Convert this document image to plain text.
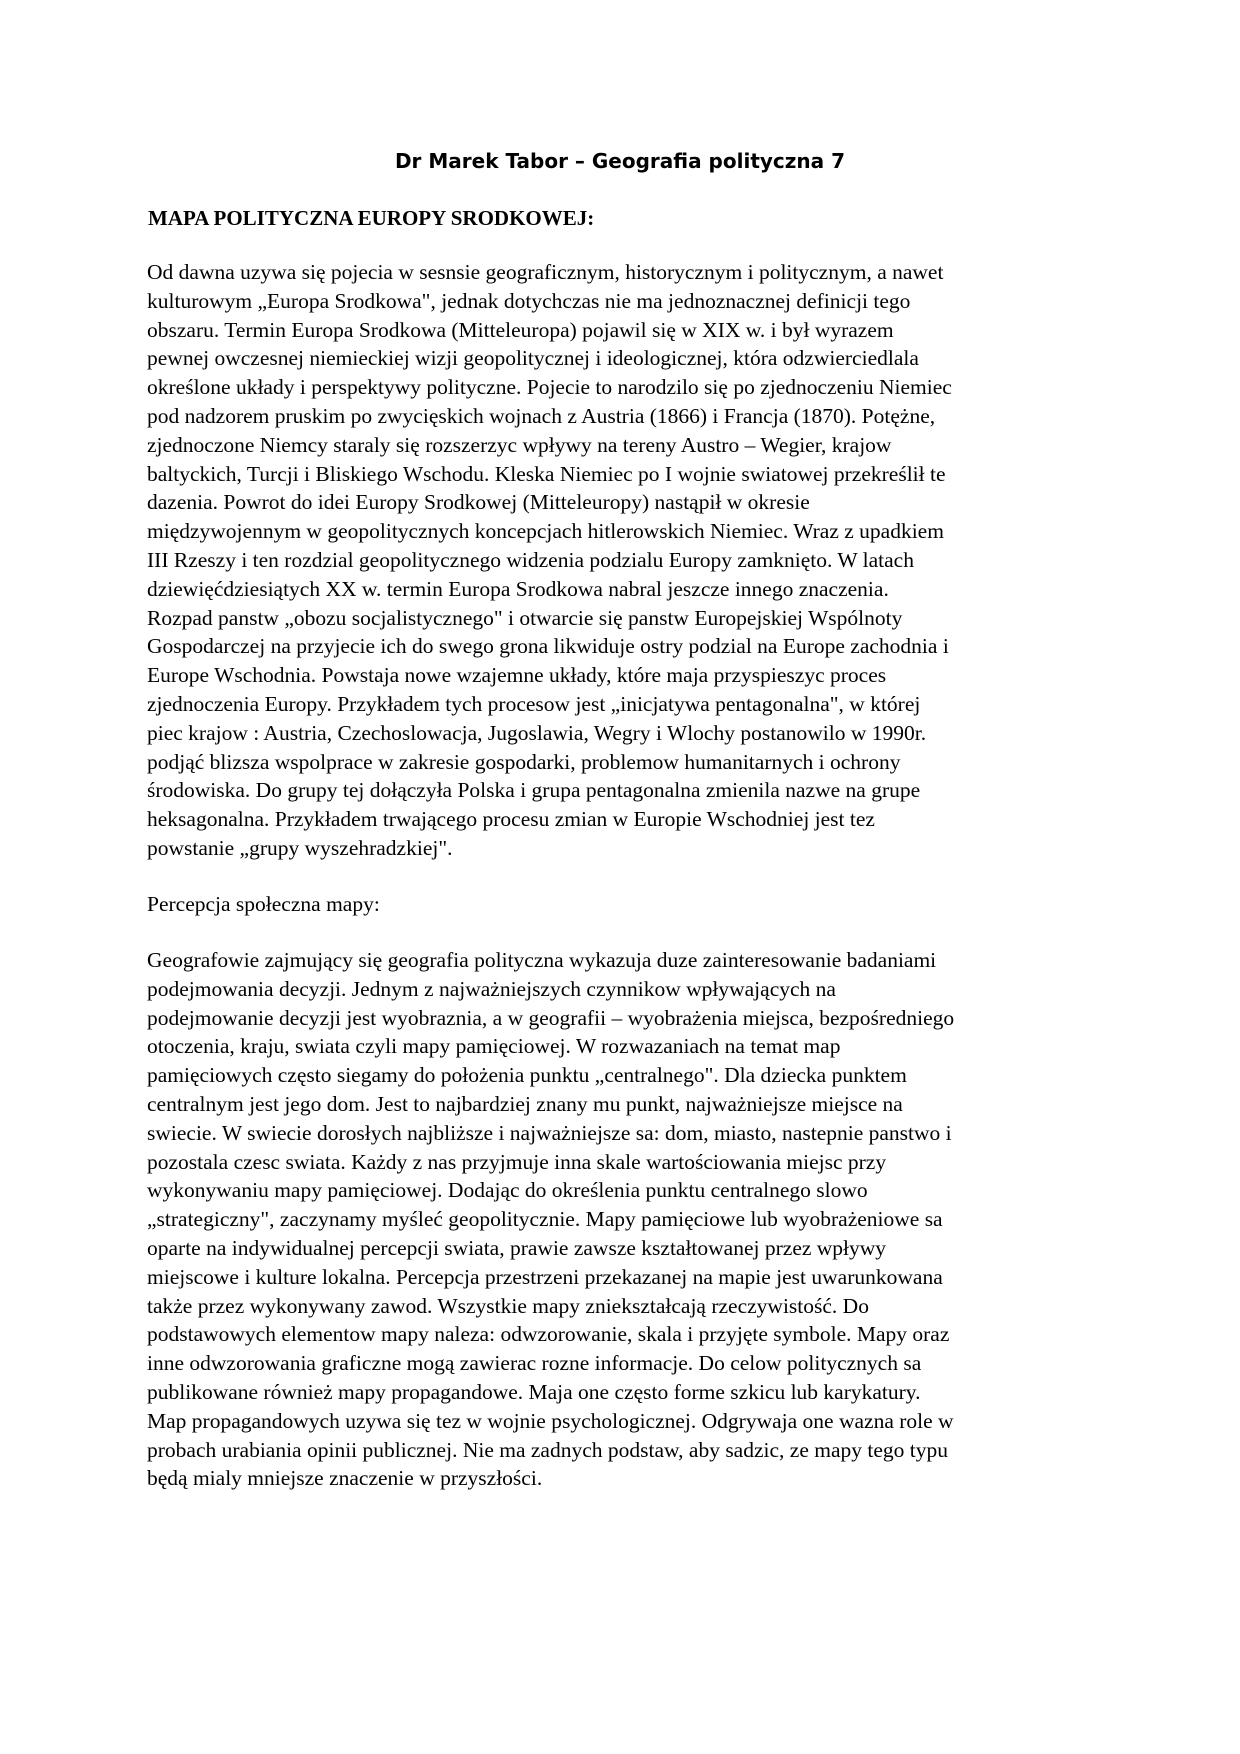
Dr Marek Tabor – Geografia polityczna 7
MAPA POLITYCZNA EUROPY SRODKOWEJ:

Od dawna uzywa się pojecia w sesnsie geograficznym, historycznym i politycznym, a nawet
kulturowym „Europa Srodkowa", jednak dotychczas nie ma jednoznacznej definicji tego
obszaru. Termin Europa Srodkowa (Mitteleuropa) pojawil się w XIX w. i był wyrazem
pewnej owczesnej niemieckiej wizji geopolitycznej i ideologicznej, która odzwierciedlala
określone układy i perspektywy polityczne. Pojecie to narodzilo się po zjednoczeniu Niemiec
pod nadzorem pruskim po zwycięskich wojnach z Austria (1866) i Francja (1870). Potężne,
zjednoczone Niemcy staraly się rozszerzyc wpływy na tereny Austro – Wegier, krajow
baltyckich, Turcji i Bliskiego Wschodu. Kleska Niemiec po I wojnie swiatowej przekreślił te
dazenia. Powrot do idei Europy Srodkowej (Mitteleuropy) nastąpił w okresie
międzywojennym w geopolitycznych koncepcjach hitlerowskich Niemiec. Wraz z upadkiem
III Rzeszy i ten rozdzial geopolitycznego widzenia podzialu Europy zamknięto. W latach
dziewięćdziesiątych XX w. termin Europa Srodkowa nabral jeszcze innego znaczenia.
Rozpad panstw „obozu socjalistycznego" i otwarcie się panstw Europejskiej Wspólnoty
Gospodarczej na przyjecie ich do swego grona likwiduje ostry podzial na Europe zachodnia i
Europe Wschodnia. Powstaja nowe wzajemne układy, które maja przyspieszyc proces
zjednoczenia Europy. Przykładem tych procesow jest „inicjatywa pentagonalna", w której
piec krajow : Austria, Czechoslowacja, Jugoslawia, Wegry i Wlochy postanowilo w 1990r.
podjąć blizsza wspolprace w zakresie gospodarki, problemow humanitarnych i ochrony
środowiska. Do grupy tej dołączyła Polska i grupa pentagonalna zmienila nazwe na grupe
heksagonalna. Przykładem trwającego procesu zmian w Europie Wschodniej jest tez
powstanie „grupy wyszehradzkiej".

Percepcja społeczna mapy:

Geografowie zajmujący się geografia polityczna wykazuja duze zainteresowanie badaniami
podejmowania decyzji. Jednym z najważniejszych czynnikow wpływających na
podejmowanie decyzji jest wyobraznia, a w geografii – wyobrażenia miejsca, bezpośredniego
otoczenia, kraju, swiata czyli mapy pamięciowej. W rozwazaniach na temat map
pamięciowych często siegamy do położenia punktu „centralnego". Dla dziecka punktem
centralnym jest jego dom. Jest to najbardziej znany mu punkt, najważniejsze miejsce na
swiecie. W swiecie dorosłych najbliższe i najważniejsze sa: dom, miasto, nastepnie panstwo i
pozostala czesc swiata. Każdy z nas przyjmuje inna skale wartościowania miejsc przy
wykonywaniu mapy pamięciowej. Dodając do określenia punktu centralnego slowo
„strategiczny", zaczynamy myśleć geopolitycznie. Mapy pamięciowe lub wyobrażeniowe sa
oparte na indywidualnej percepcji swiata, prawie zawsze kształtowanej przez wpływy
miejscowe i kulture lokalna. Percepcja przestrzeni przekazanej na mapie jest uwarunkowana
także przez wykonywany zawod. Wszystkie mapy zniekształcają rzeczywistość. Do
podstawowych elementow mapy naleza: odwzorowanie, skala i przyjęte symbole. Mapy oraz
inne odwzorowania graficzne mogą zawierac rozne informacje. Do celow politycznych sa
publikowane również mapy propagandowe. Maja one często forme szkicu lub karykatury.
Map propagandowych uzywa się tez w wojnie psychologicznej. Odgrywaja one wazna role w
probach urabiania opinii publicznej. Nie ma zadnych podstaw, aby sadzic, ze mapy tego typu
będą mialy mniejsze znaczenie w przyszłości.
